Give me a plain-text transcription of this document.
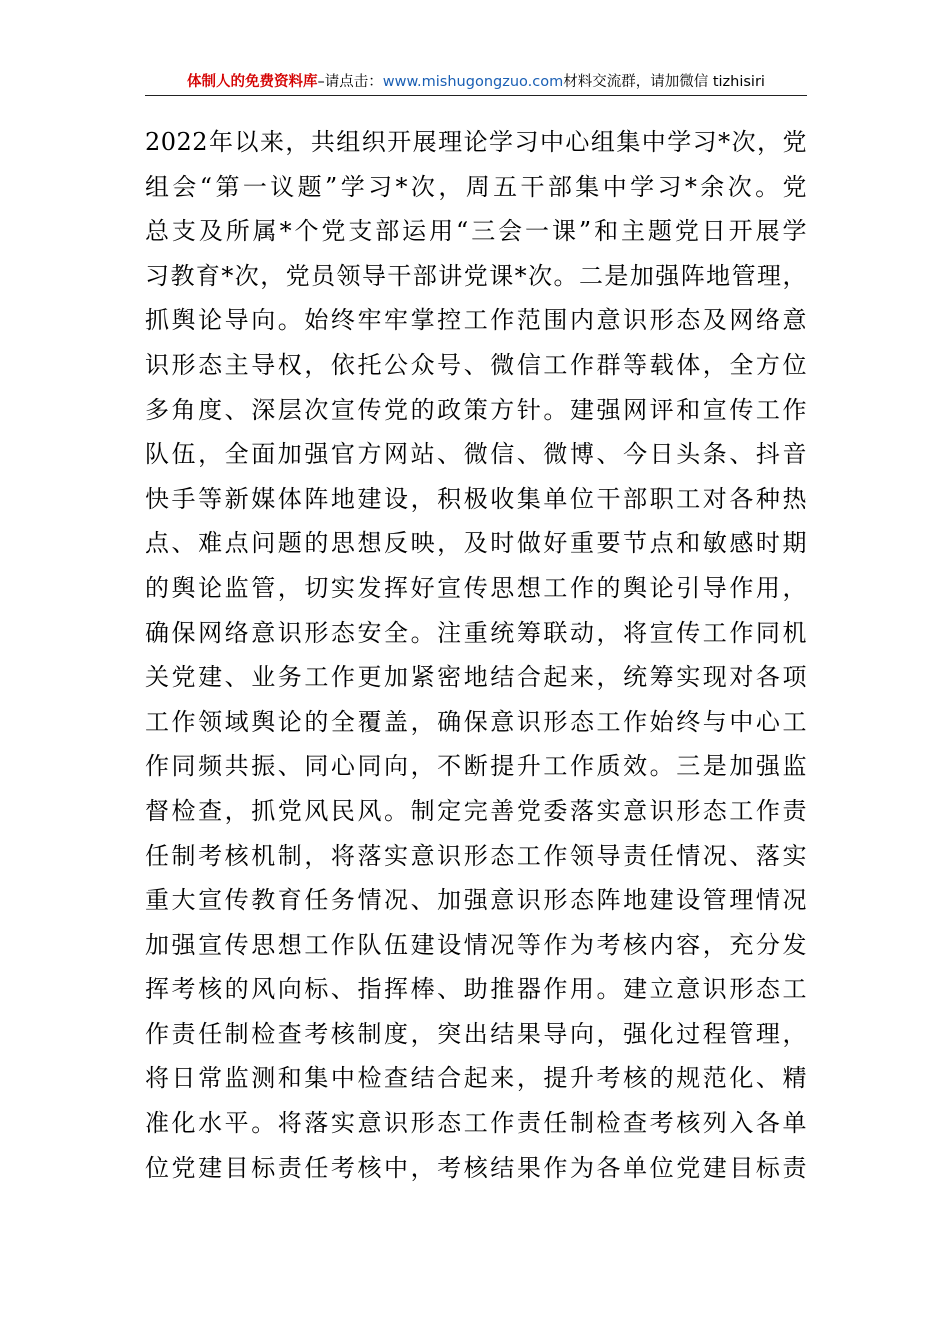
体制人的免费资料库 –请点击： www.mishugongzuo.com 材料交流群，请加微信 tizhisiri
2022年以来，共组织开展理论学习中心组集中学习*次，党
组会“第一议题”学习*次，周五干部集中学习*余次。党
总支及所属*个党支部运用“三会一课”和主题党日开展学
习教育*次，党员领导干部讲党课*次。二是加强阵地管理，
抓舆论导向。始终牢牢掌控工作范围内意识形态及网络意
识形态主导权，依托公众号、微信工作群等载体，全方位
多角度、深层次宣传党的政策方针。建强网评和宣传工作
队伍，全面加强官方网站、微信、微博、今日头条、抖音
快手等新媒体阵地建设，积极收集单位干部职工对各种热
点、难点问题的思想反映，及时做好重要节点和敏感时期
的舆论监管，切实发挥好宣传思想工作的舆论引导作用，
确保网络意识形态安全。注重统筹联动，将宣传工作同机
关党建、业务工作更加紧密地结合起来，统筹实现对各项
工作领域舆论的全覆盖，确保意识形态工作始终与中心工
作同频共振、同心同向，不断提升工作质效。三是加强监
督检查，抓党风民风。制定完善党委落实意识形态工作责
任制考核机制，将落实意识形态工作领导责任情况、落实
重大宣传教育任务情况、加强意识形态阵地建设管理情况
加强宣传思想工作队伍建设情况等作为考核内容，充分发
挥考核的风向标、指挥棒、助推器作用。建立意识形态工
作责任制检查考核制度，突出结果导向，强化过程管理，
将日常监测和集中检查结合起来，提升考核的规范化、精
准化水平。将落实意识形态工作责任制检查考核列入各单
位党建目标责任考核中，考核结果作为各单位党建目标责
